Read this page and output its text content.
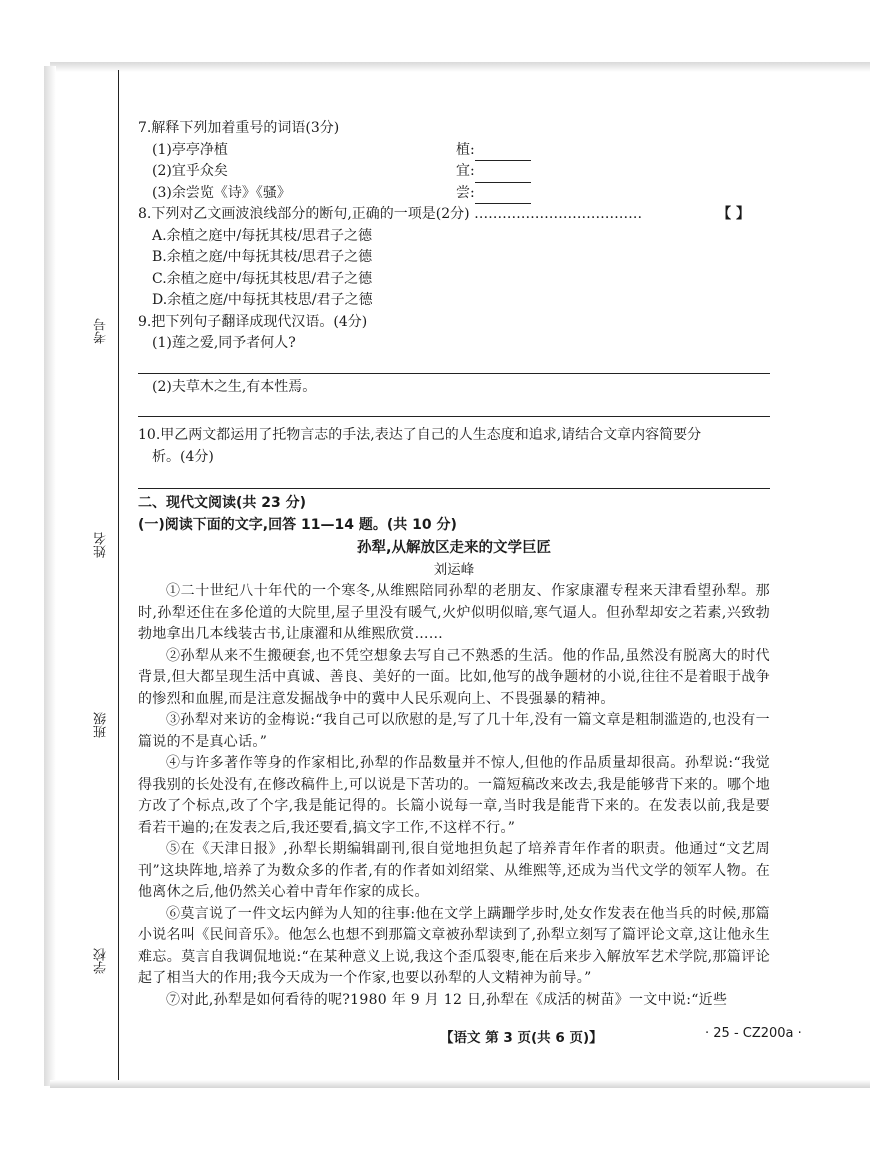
考号
姓名
班级
学校
7.解释下列加着重号的词语(3分)
(1)亭亭净植	植:
(2)宜乎众矣	宜:
(3)余尝览《诗》《骚》	尝:
8.下列对乙文画波浪线部分的断句,正确的一项是(2分) ………………………………	【 】
A.余植之庭中/每抚其枝/思君子之德
B.余植之庭/中每抚其枝/思君子之德
C.余植之庭中/每抚其枝思/君子之德
D.余植之庭/中每抚其枝思/君子之德
9.把下列句子翻译成现代汉语。(4分)
(1)莲之爱,同予者何人?
(2)夫草木之生,有本性焉。
10.甲乙两文都运用了托物言志的手法,表达了自己的人生态度和追求,请结合文章内容简要分
析。(4分)
二、现代文阅读(共 23 分)
(一)阅读下面的文字,回答 11—14 题。(共 10 分)
孙犁,从解放区走来的文学巨匠
刘运峰

①二十世纪八十年代的一个寒冬,从维熙陪同孙犁的老朋友、作家康濯专程来天津看望孙犁。那时,孙犁还住在多伦道的大院里,屋子里没有暖气,火炉似明似暗,寒气逼人。但孙犁却安之若素,兴致勃勃地拿出几本线装古书,让康濯和从维熙欣赏……

②孙犁从来不生搬硬套,也不凭空想象去写自己不熟悉的生活。他的作品,虽然没有脱离大的时代背景,但大都呈现生活中真诚、善良、美好的一面。比如,他写的战争题材的小说,往往不是着眼于战争的惨烈和血腥,而是注意发掘战争中的冀中人民乐观向上、不畏强暴的精神。

③孙犁对来访的金梅说:“我自己可以欣慰的是,写了几十年,没有一篇文章是粗制滥造的,也没有一篇说的不是真心话。”

④与许多著作等身的作家相比,孙犁的作品数量并不惊人,但他的作品质量却很高。孙犁说:“我觉得我别的长处没有,在修改稿件上,可以说是下苦功的。一篇短稿改来改去,我是能够背下来的。哪个地方改了个标点,改了个字,我是能记得的。长篇小说每一章,当时我是能背下来的。在发表以前,我是要看若干遍的;在发表之后,我还要看,搞文字工作,不这样不行。”

⑤在《天津日报》,孙犁长期编辑副刊,很自觉地担负起了培养青年作者的职责。他通过“文艺周刊”这块阵地,培养了为数众多的作者,有的作者如刘绍棠、从维熙等,还成为当代文学的领军人物。在他离休之后,他仍然关心着中青年作家的成长。

⑥莫言说了一件文坛内鲜为人知的往事:他在文学上蹒跚学步时,处女作发表在他当兵的时候,那篇小说名叫《民间音乐》。他怎么也想不到那篇文章被孙犁读到了,孙犁立刻写了篇评论文章,这让他永生难忘。莫言自我调侃地说:“在某种意义上说,我这个歪瓜裂枣,能在后来步入解放军艺术学院,那篇评论起了相当大的作用;我今天成为一个作家,也要以孙犁的人文精神为前导。”

⑦对此,孙犁是如何看待的呢?1980 年 9 月 12 日,孙犁在《成活的树苗》一文中说:“近些

【语文 第 3 页(共 6 页)】	· 25 - CZ200a ·
